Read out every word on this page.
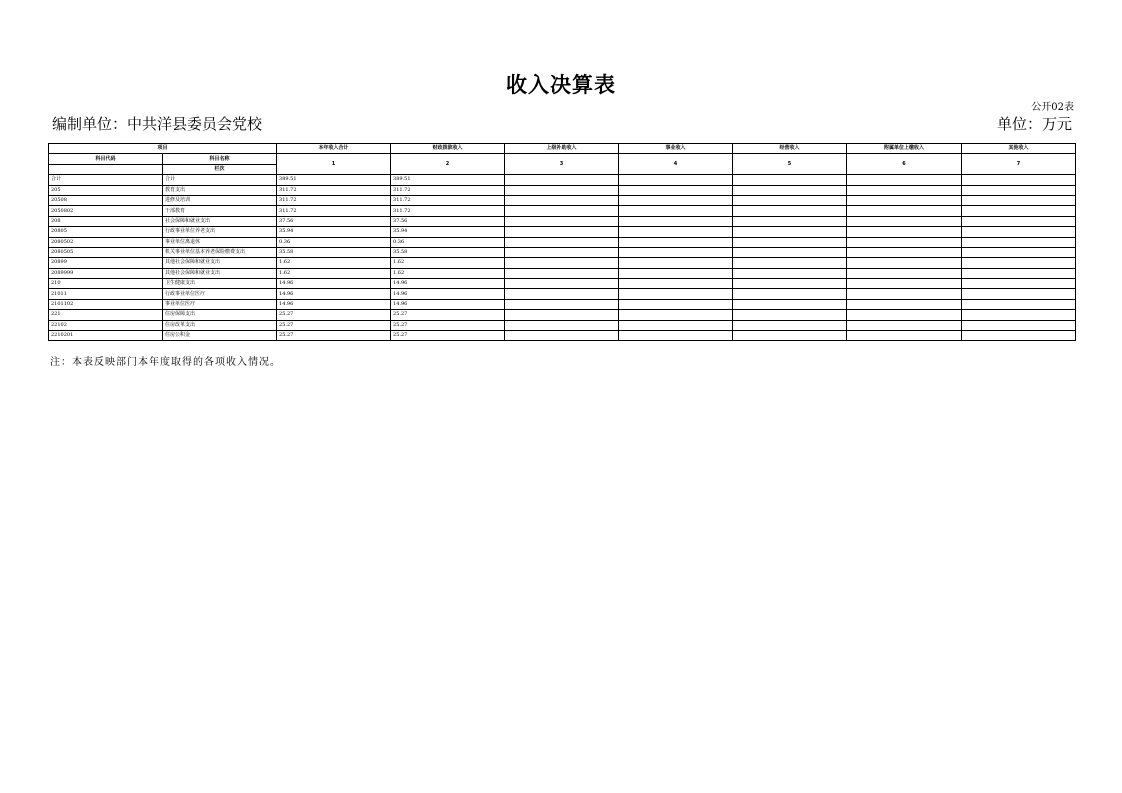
收入决算表
公开02表
编制单位：中共洋县委员会党校	单位：万元
项目		本年收入合计	财政拨款收入	上级补助收入	事业收入	经营收入	附属单位上缴收入	其他收入
科目代码	科目名称	1	2	3	4	5	6	7
	栏次							
合计	合计	389.51	389.51					
205	教育支出	311.72	311.72					
20508	进修及培训	311.72	311.72					
2050802	干部教育	311.72	311.72					
208	社会保障和就业支出	37.56	37.56					
20805	行政事业单位养老支出	35.94	35.94					
2080502	事业单位离退休	0.36	0.36					
2080505	机关事业单位基本养老保险缴费支出	35.58	35.58					
20899	其他社会保障和就业支出	1.62	1.62					
2089999	其他社会保障和就业支出	1.62	1.62					
210	卫生健康支出	14.96	14.96					
21011	行政事业单位医疗	14.96	14.96					
2101102	事业单位医疗	14.96	14.96					
221	住房保障支出	25.27	25.27					
22102	住房改革支出	25.27	25.27					
2210201	住房公积金	25.27	25.27					
注：本表反映部门本年度取得的各项收入情况。
